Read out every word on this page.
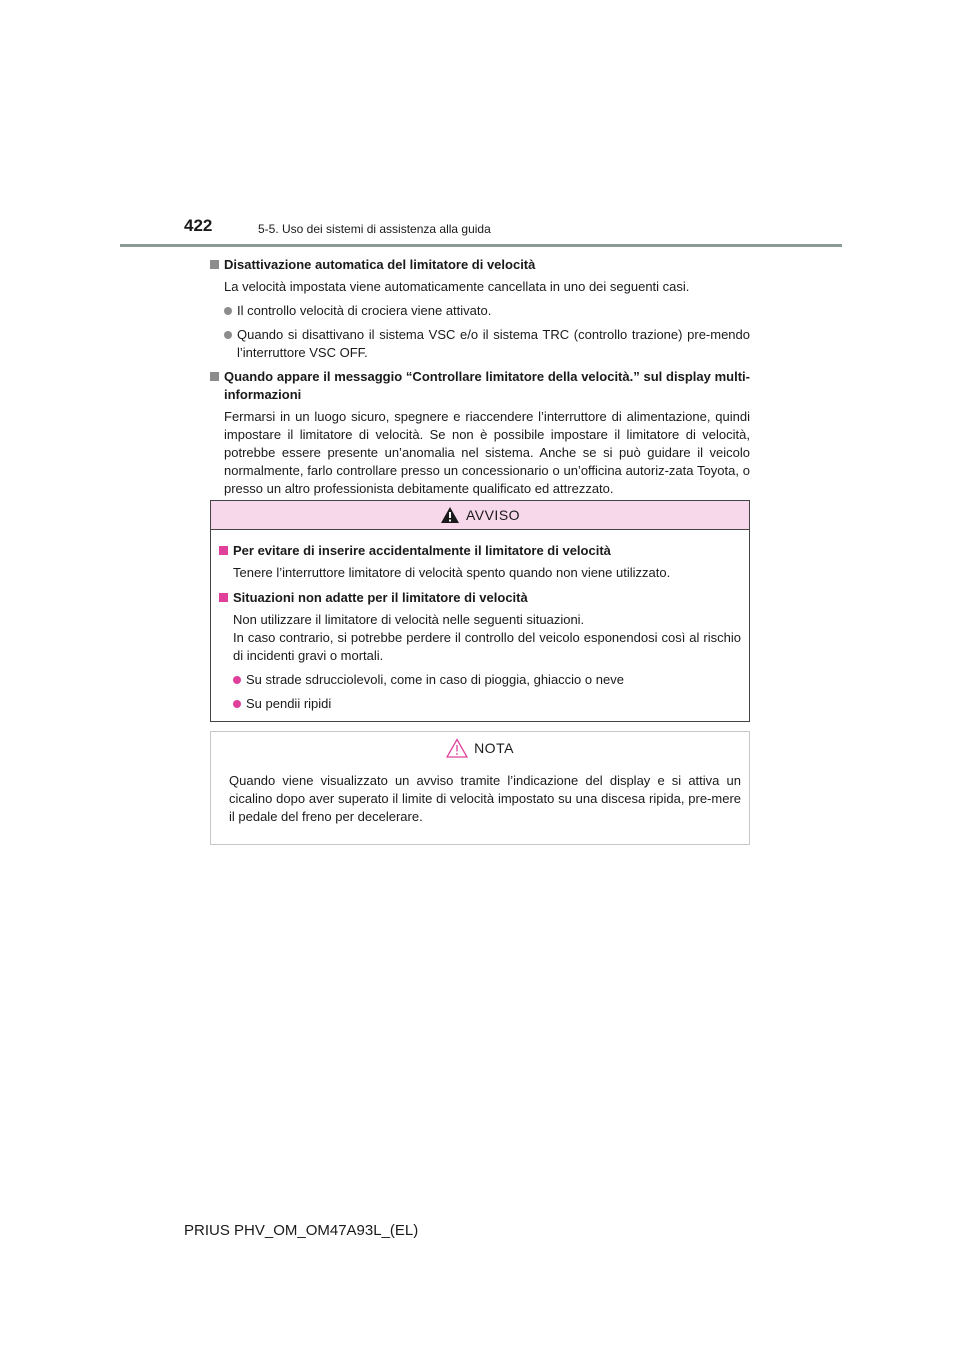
422	5-5. Uso dei sistemi di assistenza alla guida
Disattivazione automatica del limitatore di velocità
La velocità impostata viene automaticamente cancellata in uno dei seguenti casi.
Il controllo velocità di crociera viene attivato.
Quando si disattivano il sistema VSC e/o il sistema TRC (controllo trazione) pre-mendo l’interruttore VSC OFF.
Quando appare il messaggio “Controllare limitatore della velocità.” sul display multi-informazioni
Fermarsi in un luogo sicuro, spegnere e riaccendere l’interruttore di alimentazione, quindi impostare il limitatore di velocità. Se non è possibile impostare il limitatore di velocità, potrebbe essere presente un’anomalia nel sistema. Anche se si può guidare il veicolo normalmente, farlo controllare presso un concessionario o un’officina autoriz-zata Toyota, o presso un altro professionista debitamente qualificato ed attrezzato.
AVVISO
Per evitare di inserire accidentalmente il limitatore di velocità
Tenere l’interruttore limitatore di velocità spento quando non viene utilizzato.
Situazioni non adatte per il limitatore di velocità
Non utilizzare il limitatore di velocità nelle seguenti situazioni.
In caso contrario, si potrebbe perdere il controllo del veicolo esponendosi così al rischio di incidenti gravi o mortali.
Su strade sdrucciolevoli, come in caso di pioggia, ghiaccio o neve
Su pendii ripidi
NOTA
Quando viene visualizzato un avviso tramite l’indicazione del display e si attiva un cicalino dopo aver superato il limite di velocità impostato su una discesa ripida, pre-mere il pedale del freno per decelerare.
PRIUS PHV_OM_OM47A93L_(EL)
